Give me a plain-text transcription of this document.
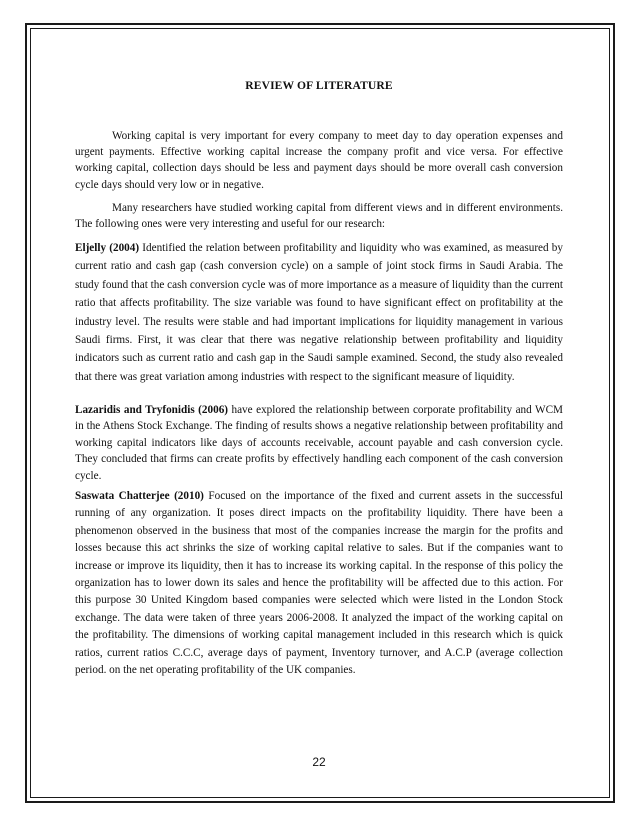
REVIEW OF LITERATURE

Working capital is very important for every company to meet day to day operation expenses and urgent payments. Effective working capital increase the company profit and vice versa. For effective working capital, collection days should be less and payment days should be more overall cash conversion cycle days should very low or in negative.

Many researchers have studied working capital from different views and in different environments. The following ones were very interesting and useful for our research:

Eljelly (2004) Identified the relation between profitability and liquidity who was examined, as measured by current ratio and cash gap (cash conversion cycle) on a sample of joint stock firms in Saudi Arabia. The study found that the cash conversion cycle was of more importance as a measure of liquidity than the current ratio that affects profitability. The size variable was found to have significant effect on profitability at the industry level. The results were stable and had important implications for liquidity management in various Saudi firms. First, it was clear that there was negative relationship between profitability and liquidity indicators such as current ratio and cash gap in the Saudi sample examined. Second, the study also revealed that there was great variation among industries with respect to the significant measure of liquidity.

Lazaridis and Tryfonidis (2006) have explored the relationship between corporate profitability and WCM in the Athens Stock Exchange. The finding of results shows a negative relationship between profitability and working capital indicators like days of accounts receivable, account payable and cash conversion cycle. They concluded that firms can create profits by effectively handling each component of the cash conversion cycle.

Saswata Chatterjee (2010) Focused on the importance of the fixed and current assets in the successful running of any organization. It poses direct impacts on the profitability liquidity. There have been a phenomenon observed in the business that most of the companies increase the margin for the profits and losses because this act shrinks the size of working capital relative to sales. But if the companies want to increase or improve its liquidity, then it has to increase its working capital. In the response of this policy the organization has to lower down its sales and hence the profitability will be affected due to this action. For this purpose 30 United Kingdom based companies were selected which were listed in the London Stock exchange. The data were taken of three years 2006-2008. It analyzed the impact of the working capital on the profitability. The dimensions of working capital management included in this research which is quick ratios, current ratios C.C.C, average days of payment, Inventory turnover, and A.C.P (average collection period. on the net operating profitability of the UK companies.

22
